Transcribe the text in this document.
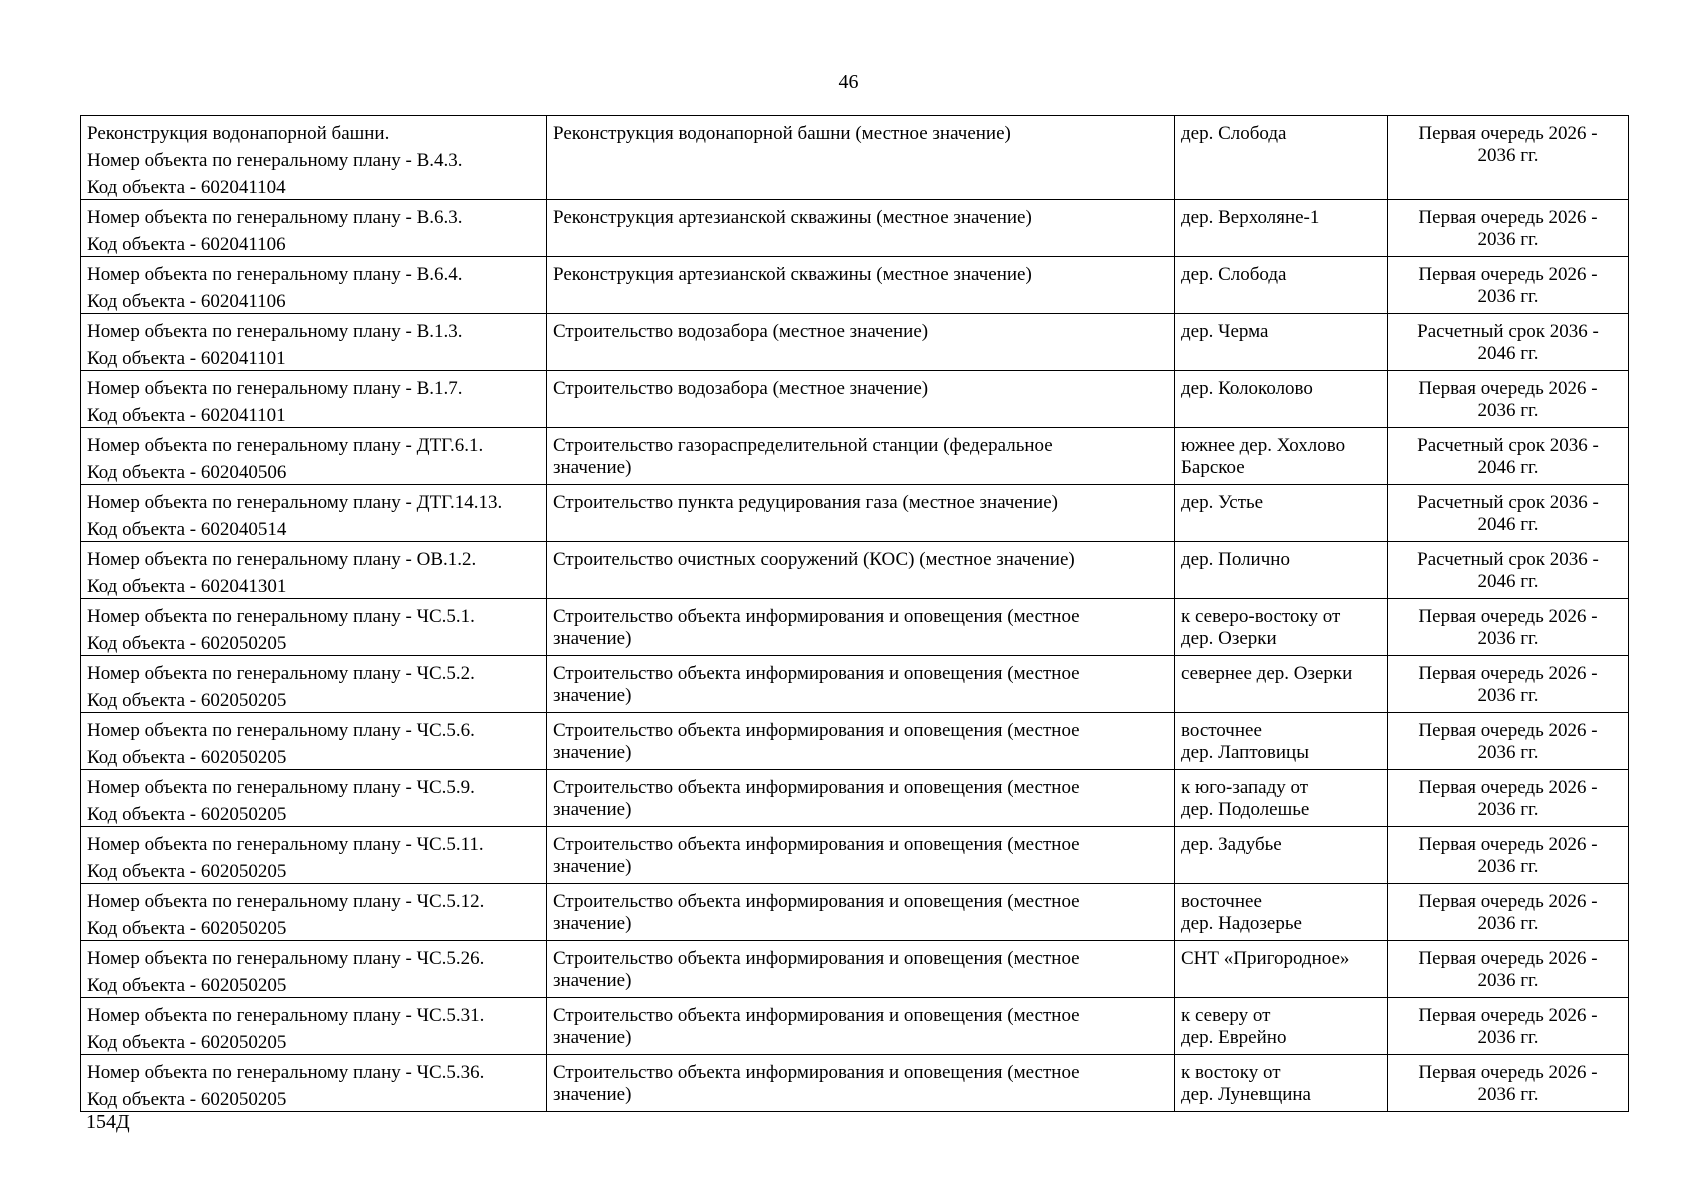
46
Реконструкция водонапорной башни.
Номер объекта по генеральному плану - В.4.3.
Код объекта - 602041104	Реконструкция водонапорной башни (местное значение)	дер. Слобода	Первая очередь 2026 -
2036 гг.

Номер объекта по генеральному плану - В.6.3.
Код объекта - 602041106	Реконструкция артезианской скважины (местное значение)	дер. Верхоляне-1	Первая очередь 2026 -
2036 гг.

Номер объекта по генеральному плану - В.6.4.
Код объекта - 602041106	Реконструкция артезианской скважины (местное значение)	дер. Слобода	Первая очередь 2026 -
2036 гг.

Номер объекта по генеральному плану - В.1.3.
Код объекта - 602041101	Строительство водозабора (местное значение)	дер. Черма	Расчетный срок 2036 -
2046 гг.

Номер объекта по генеральному плану - В.1.7.
Код объекта - 602041101	Строительство водозабора (местное значение)	дер. Колоколово	Первая очередь 2026 -
2036 гг.

Номер объекта по генеральному плану - ДТГ.6.1.
Код объекта - 602040506	Строительство газораспределительной станции (федеральное
значение)	южнее дер. Хохлово
Барское	Расчетный срок 2036 -
2046 гг.

Номер объекта по генеральному плану - ДТГ.14.13.
Код объекта - 602040514	Строительство пункта редуцирования газа (местное значение)	дер. Устье	Расчетный срок 2036 -
2046 гг.

Номер объекта по генеральному плану - ОВ.1.2.
Код объекта - 602041301	Строительство очистных сооружений (КОС) (местное значение)	дер. Полично	Расчетный срок 2036 -
2046 гг.

Номер объекта по генеральному плану - ЧС.5.1.
Код объекта - 602050205	Строительство объекта информирования и оповещения (местное
значение)	к северо-востоку от
дер. Озерки	Первая очередь 2026 -
2036 гг.

Номер объекта по генеральному плану - ЧС.5.2.
Код объекта - 602050205	Строительство объекта информирования и оповещения (местное
значение)	севернее дер. Озерки	Первая очередь 2026 -
2036 гг.

Номер объекта по генеральному плану - ЧС.5.6.
Код объекта - 602050205	Строительство объекта информирования и оповещения (местное
значение)	восточнее
дер. Лаптовицы	Первая очередь 2026 -
2036 гг.

Номер объекта по генеральному плану - ЧС.5.9.
Код объекта - 602050205	Строительство объекта информирования и оповещения (местное
значение)	к юго-западу от
дер. Подолешье	Первая очередь 2026 -
2036 гг.

Номер объекта по генеральному плану - ЧС.5.11.
Код объекта - 602050205	Строительство объекта информирования и оповещения (местное
значение)	дер. Задубье	Первая очередь 2026 -
2036 гг.

Номер объекта по генеральному плану - ЧС.5.12.
Код объекта - 602050205	Строительство объекта информирования и оповещения (местное
значение)	восточнее
дер. Надозерье	Первая очередь 2026 -
2036 гг.

Номер объекта по генеральному плану - ЧС.5.26.
Код объекта - 602050205	Строительство объекта информирования и оповещения (местное
значение)	СНТ «Пригородное»	Первая очередь 2026 -
2036 гг.

Номер объекта по генеральному плану - ЧС.5.31.
Код объекта - 602050205	Строительство объекта информирования и оповещения (местное
значение)	к северу от
дер. Еврейно	Первая очередь 2026 -
2036 гг.

Номер объекта по генеральному плану - ЧС.5.36.
Код объекта - 602050205	Строительство объекта информирования и оповещения (местное
значение)	к востоку от
дер. Луневщина	Первая очередь 2026 -
2036 гг.
154Д
